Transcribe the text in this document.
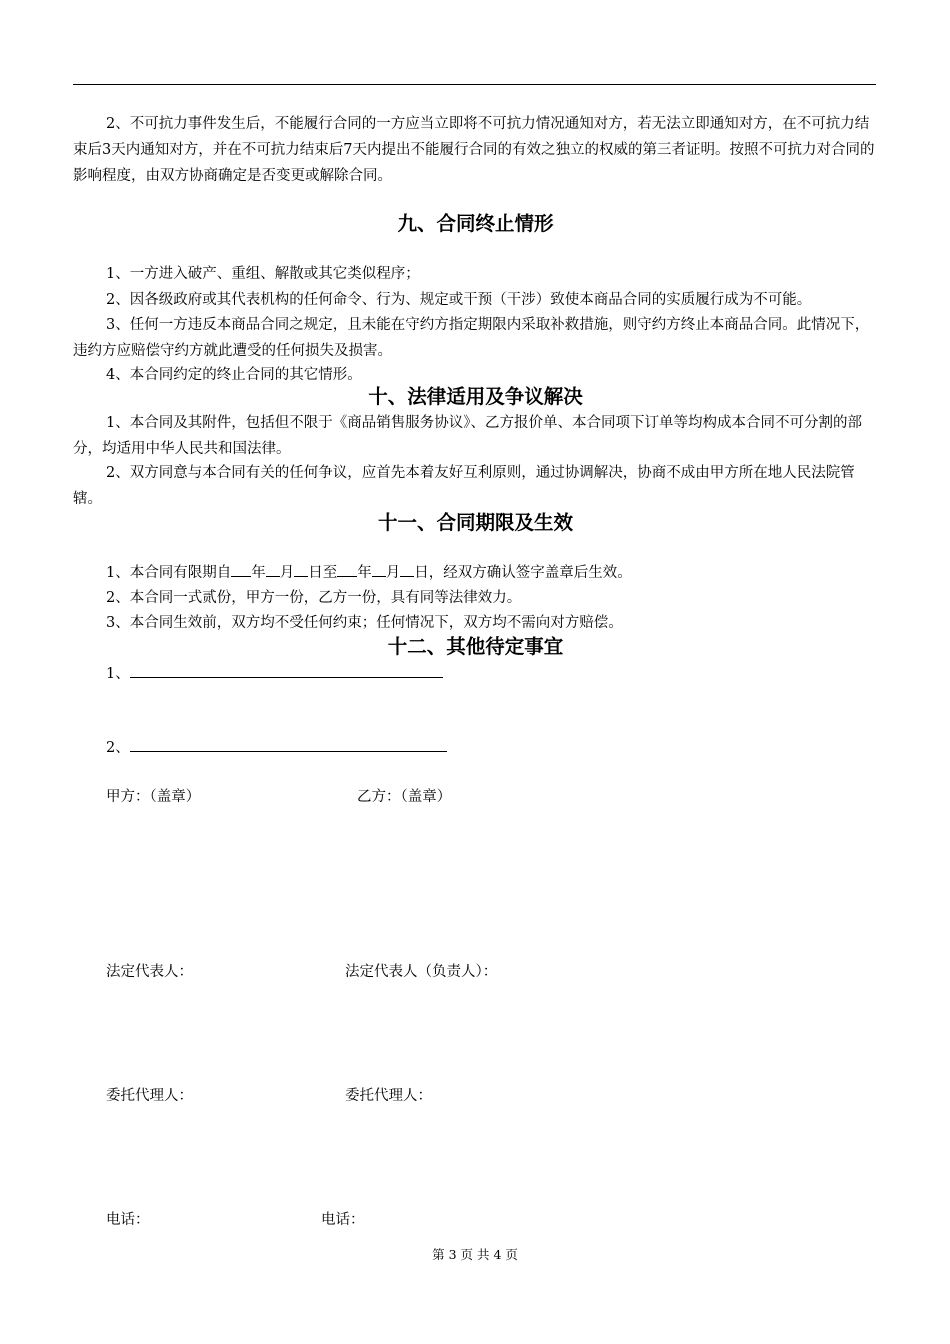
2、不可抗力事件发生后，不能履行合同的一方应当立即将不可抗力情况通知对方，若无法立即通知对方，在不可抗力结束后3天内通知对方，并在不可抗力结束后7天内提出不能履行合同的有效之独立的权威的第三者证明。按照不可抗力对合同的影响程度，由双方协商确定是否变更或解除合同。

九、合同终止情形

1、一方进入破产、重组、解散或其它类似程序；

2、因各级政府或其代表机构的任何命令、行为、规定或干预（干涉）致使本商品合同的实质履行成为不可能。

3、任何一方违反本商品合同之规定，且未能在守约方指定期限内采取补救措施，则守约方终止本商品合同。此情况下，违约方应赔偿守约方就此遭受的任何损失及损害。

4、本合同约定的终止合同的其它情形。

十、法律适用及争议解决

1、本合同及其附件，包括但不限于《商品销售服务协议》、乙方报价单、本合同项下订单等均构成本合同不可分割的部分，均适用中华人民共和国法律。

2、双方同意与本合同有关的任何争议，应首先本着友好互利原则，通过协调解决，协商不成由甲方所在地人民法院管辖。

十一、合同期限及生效
1、本合同有限期自 年 月 日至 年 月 日，经双方确认签字盖章后生效。
2、本合同一式贰份，甲方一份，乙方一份，具有同等法律效力。
3、本合同生效前，双方均不受任何约束；任何情况下，双方均不需向对方赔偿。
十二、其他待定事宜
1、
2、
甲方：（盖章）	乙方：（盖章）
法定代表人：	法定代表人（负责人）：
委托代理人：	委托代理人：
电话：	电话：
第 3 页 共 4 页
